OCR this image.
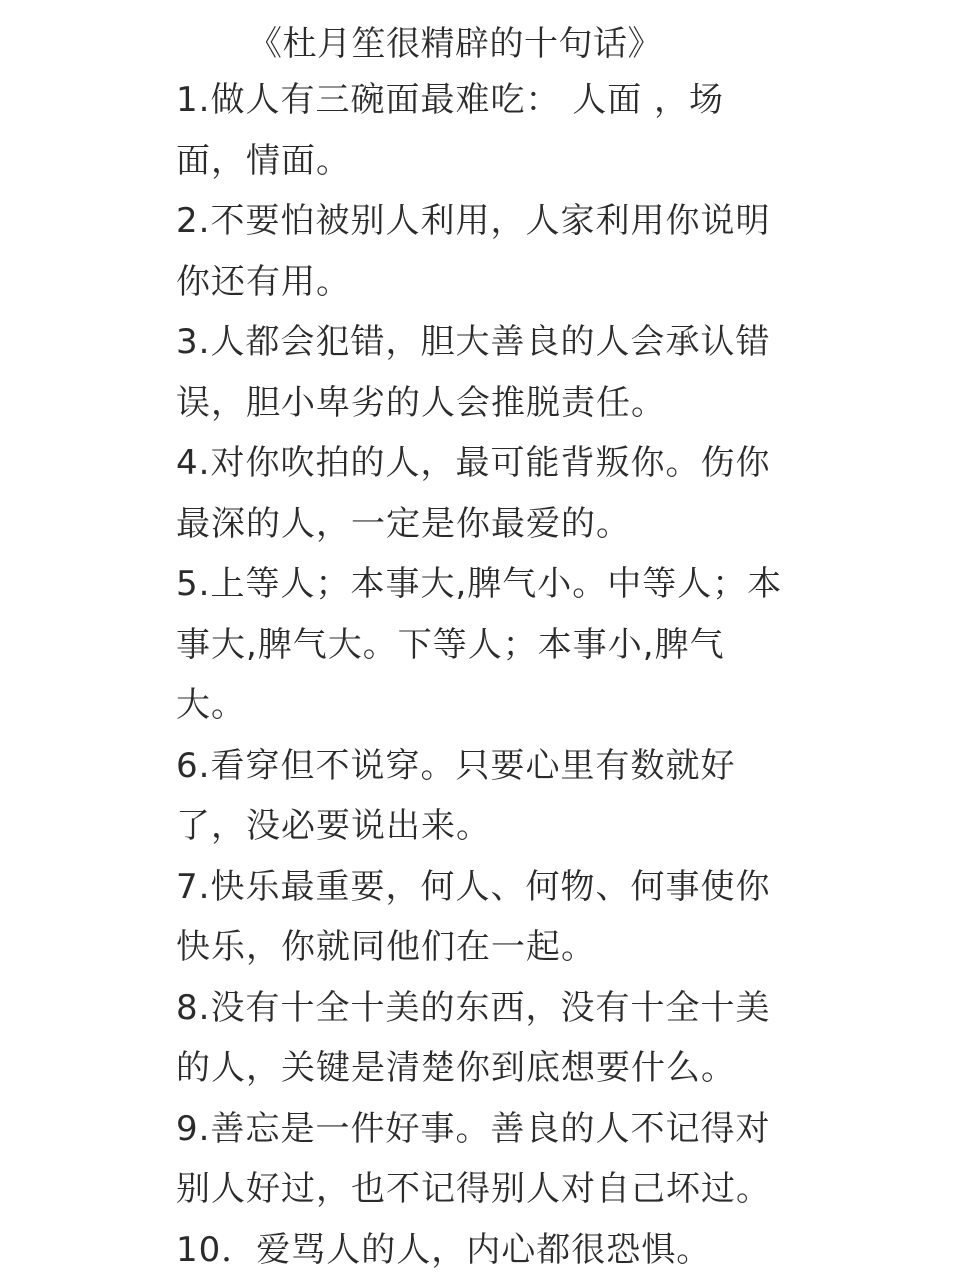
《杜月笙很精辟的十句话》
1.做人有三碗面最难吃： 人面 ，场面，情面。
2.不要怕被别人利用，人家利用你说明你还有用。
3.人都会犯错，胆大善良的人会承认错误，胆小卑劣的人会推脱责任。
4.对你吹拍的人，最可能背叛你。伤你最深的人，一定是你最爱的。
5.上等人；本事大,脾气小。中等人；本事大,脾气大。下等人；本事小,脾气大。
6.看穿但不说穿。只要心里有数就好了，没必要说出来。
7.快乐最重要，何人、何物、何事使你快乐，你就同他们在一起。
8.没有十全十美的东西，没有十全十美的人，关键是清楚你到底想要什么。
9.善忘是一件好事。善良的人不记得对别人好过，也不记得别人对自己坏过。
10．爱骂人的人，内心都很恐惧。
